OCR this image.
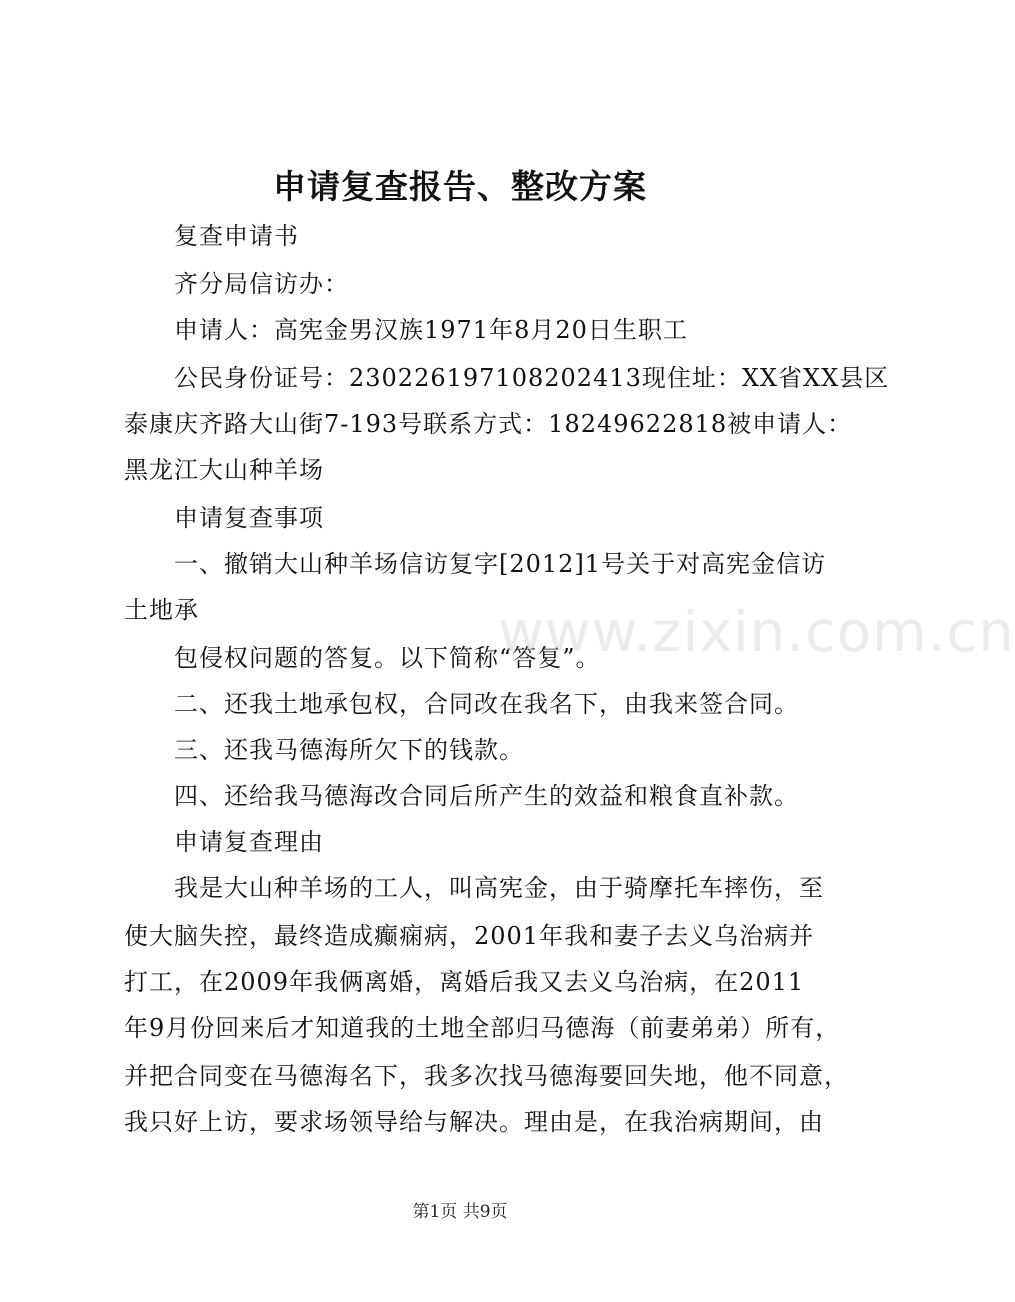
申请复查报告、整改方案
复查申请书
齐分局信访办：
申请人：高宪金男汉族1971年8月20日生职工
公民身份证号：230226197108202413现住址：XX省XX县区
泰康庆齐路大山街7-193号联系方式：18249622818被申请人：
黑龙江大山种羊场
申请复查事项
一、撤销大山种羊场信访复字[2012]1号关于对高宪金信访
土地承
包侵权问题的答复。以下简称“答复”。
二、还我土地承包权，合同改在我名下，由我来签合同。
三、还我马德海所欠下的钱款。
四、还给我马德海改合同后所产生的效益和粮食直补款。
申请复查理由
我是大山种羊场的工人，叫高宪金，由于骑摩托车摔伤，至
使大脑失控，最终造成癫痫病，2001年我和妻子去义乌治病并
打工，在2009年我俩离婚，离婚后我又去义乌治病，在2011
年9月份回来后才知道我的土地全部归马德海（前妻弟弟）所有，
并把合同变在马德海名下，我多次找马德海要回失地，他不同意，
我只好上访，要求场领导给与解决。理由是，在我治病期间，由
www.zixin.com.cn
第1页 共9页
